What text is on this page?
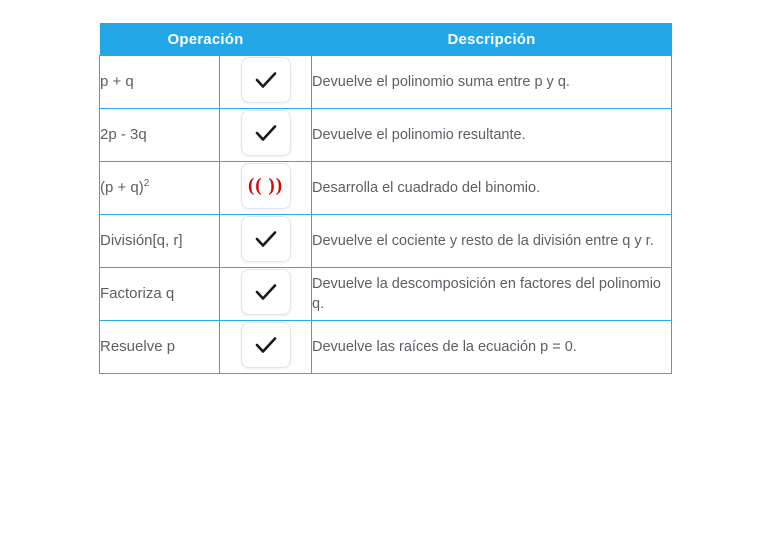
Operación		Descripción
p + q		Devuelve el polinomio suma entre p y q.
2p - 3q		Devuelve el polinomio resultante.
$(p + q)^2$	(( ))	Desarrolla el cuadrado del binomio.
División[q, r]		Devuelve el cociente y resto de la división entre q y r.
Factoriza q		Devuelve la descomposición en factores del polinomio q.
Resuelve p		Devuelve las raíces de la ecuación p = 0.
